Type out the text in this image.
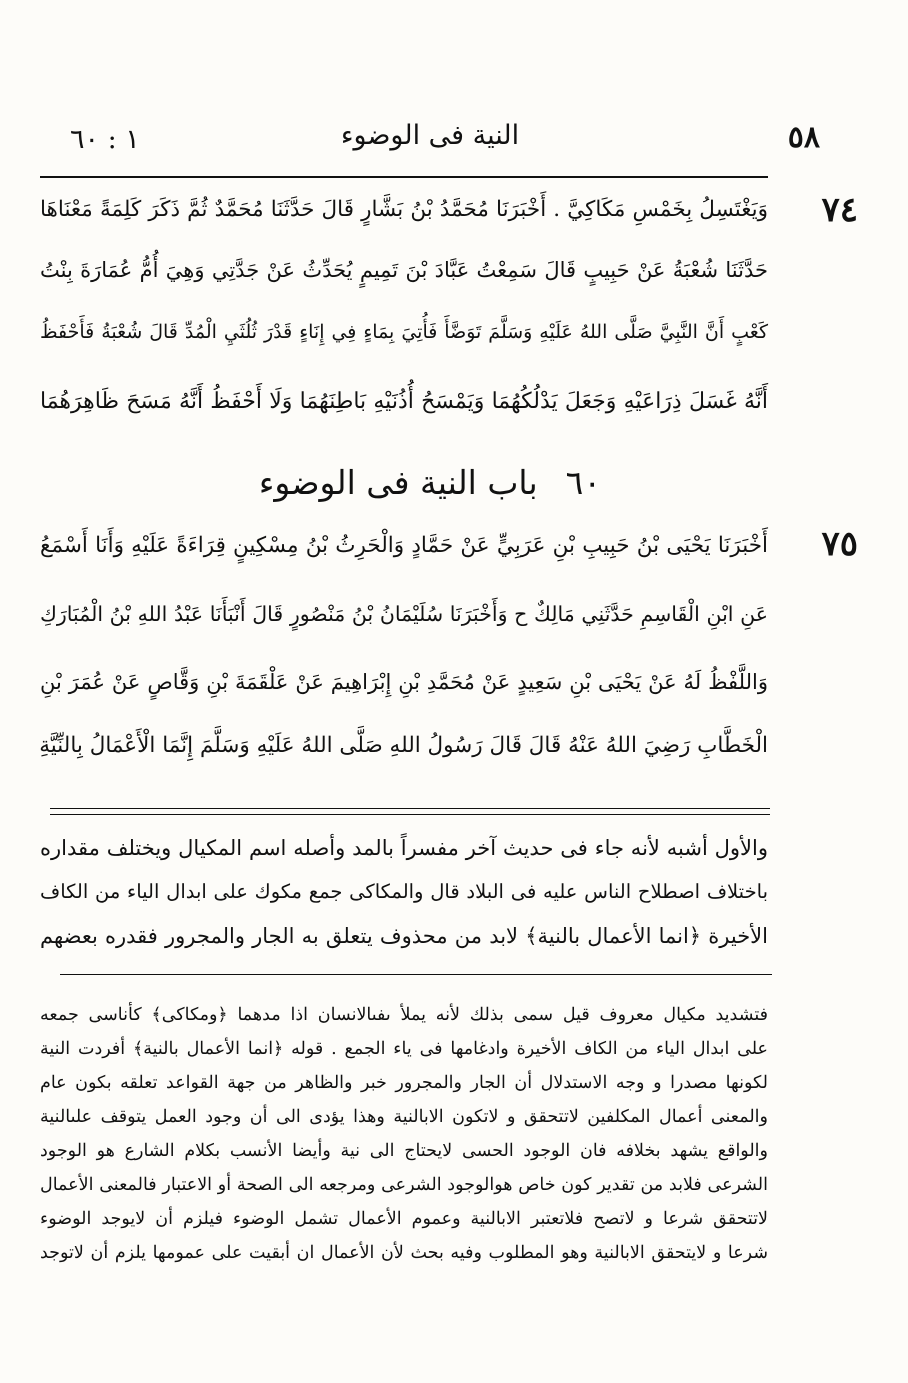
٥٨
النية فى الوضوء
١ : ٦٠
٧٤
وَيَغْتَسِلُ بِخَمْسِ مَكَاكِيَّ . أَخْبَرَنَا مُحَمَّدُ بْنُ بَشَّارٍ قَالَ حَدَّثَنَا مُحَمَّدٌ ثُمَّ ذَكَرَ كَلِمَةً مَعْنَاهَا
حَدَّثَنَا شُعْبَةُ عَنْ حَبِيبٍ قَالَ سَمِعْتُ عَبَّادَ بْنَ تَمِيمٍ يُحَدِّثُ عَنْ جَدَّتِي وَهِيَ أُمُّ عُمَارَةَ بِنْتُ
كَعْبٍ أَنَّ النَّبِيَّ صَلَّى اللهُ عَلَيْهِ وَسَلَّمَ تَوَضَّأَ فَأُتِيَ بِمَاءٍ فِي إِنَاءٍ قَدْرَ ثُلُثَيِ الْمُدِّ قَالَ شُعْبَةُ فَأَحْفَظُ
أَنَّهُ غَسَلَ ذِرَاعَيْهِ وَجَعَلَ يَدْلُكُهُمَا وَيَمْسَحُ أُذُنَيْهِ بَاطِنَهُمَا وَلَا أَحْفَظُ أَنَّهُ مَسَحَ ظَاهِرَهُمَا
٦٠باب النية فى الوضوء
٧٥
أَخْبَرَنَا يَحْيَى بْنُ حَبِيبِ بْنِ عَرَبِيٍّ عَنْ حَمَّادٍ وَالْحَرِثُ بْنُ مِسْكِينٍ قِرَاءَةً عَلَيْهِ وَأَنَا أَسْمَعُ
عَنِ ابْنِ الْقَاسِمِ حَدَّثَنِي مَالِكٌ ح وَأَخْبَرَنَا سُلَيْمَانُ بْنُ مَنْصُورٍ قَالَ أَنْبَأَنَا عَبْدُ اللهِ بْنُ الْمُبَارَكِ
وَاللَّفْظُ لَهُ عَنْ يَحْيَى بْنِ سَعِيدٍ عَنْ مُحَمَّدِ بْنِ إِبْرَاهِيمَ عَنْ عَلْقَمَةَ بْنِ وَقَّاصٍ عَنْ عُمَرَ بْنِ
الْخَطَّابِ رَضِيَ اللهُ عَنْهُ قَالَ قَالَ رَسُولُ اللهِ صَلَّى اللهُ عَلَيْهِ وَسَلَّمَ إِنَّمَا الْأَعْمَالُ بِالنِّيَّةِ
والأول أشبه لأنه جاء فى حديث آخر مفسراً بالمد وأصله اسم المكيال ويختلف مقداره
باختلاف اصطلاح الناس عليه فى البلاد قال والمكاكى جمع مكوك على ابدال الياء من الكاف
الأخيرة ﴿انما الأعمال بالنية﴾ لابد من محذوف يتعلق به الجار والمجرور فقدره بعضهم
فتشديد مكيال معروف قيل سمى بذلك لأنه يملأ ىفىالانسان اذا مدهما ﴿ومكاكى﴾ كأناسى جمعه
على ابدال الياء من الكاف الأخيرة وادغامها فى ياء الجمع . قوله ﴿انما الأعمال بالنية﴾ أفردت النية
لكونها مصدرا و وجه الاستدلال أن الجار والمجرور خبر والظاهر من جهة القواعد تعلقه بكون عام
والمعنى أعمال المكلفين لاتتحقق و لاتكون الابالنية وهذا يؤدى الى أن وجود العمل يتوقف علىالنية
والواقع يشهد بخلافه فان الوجود الحسى لايحتاج الى نية وأيضا الأنسب بكلام الشارع هو الوجود
الشرعى فلابد من تقدير كون خاص هوالوجود الشرعى ومرجعه الى الصحة أو الاعتبار فالمعنى الأعمال
لاتتحقق شرعا و لاتصح فلاتعتبر الابالنية وعموم الأعمال تشمل الوضوء فيلزم أن لايوجد الوضوء
شرعا و لايتحقق الابالنية وهو المطلوب وفيه بحث لأن الأعمال ان أبقيت على عمومها يلزم أن لاتوجد
